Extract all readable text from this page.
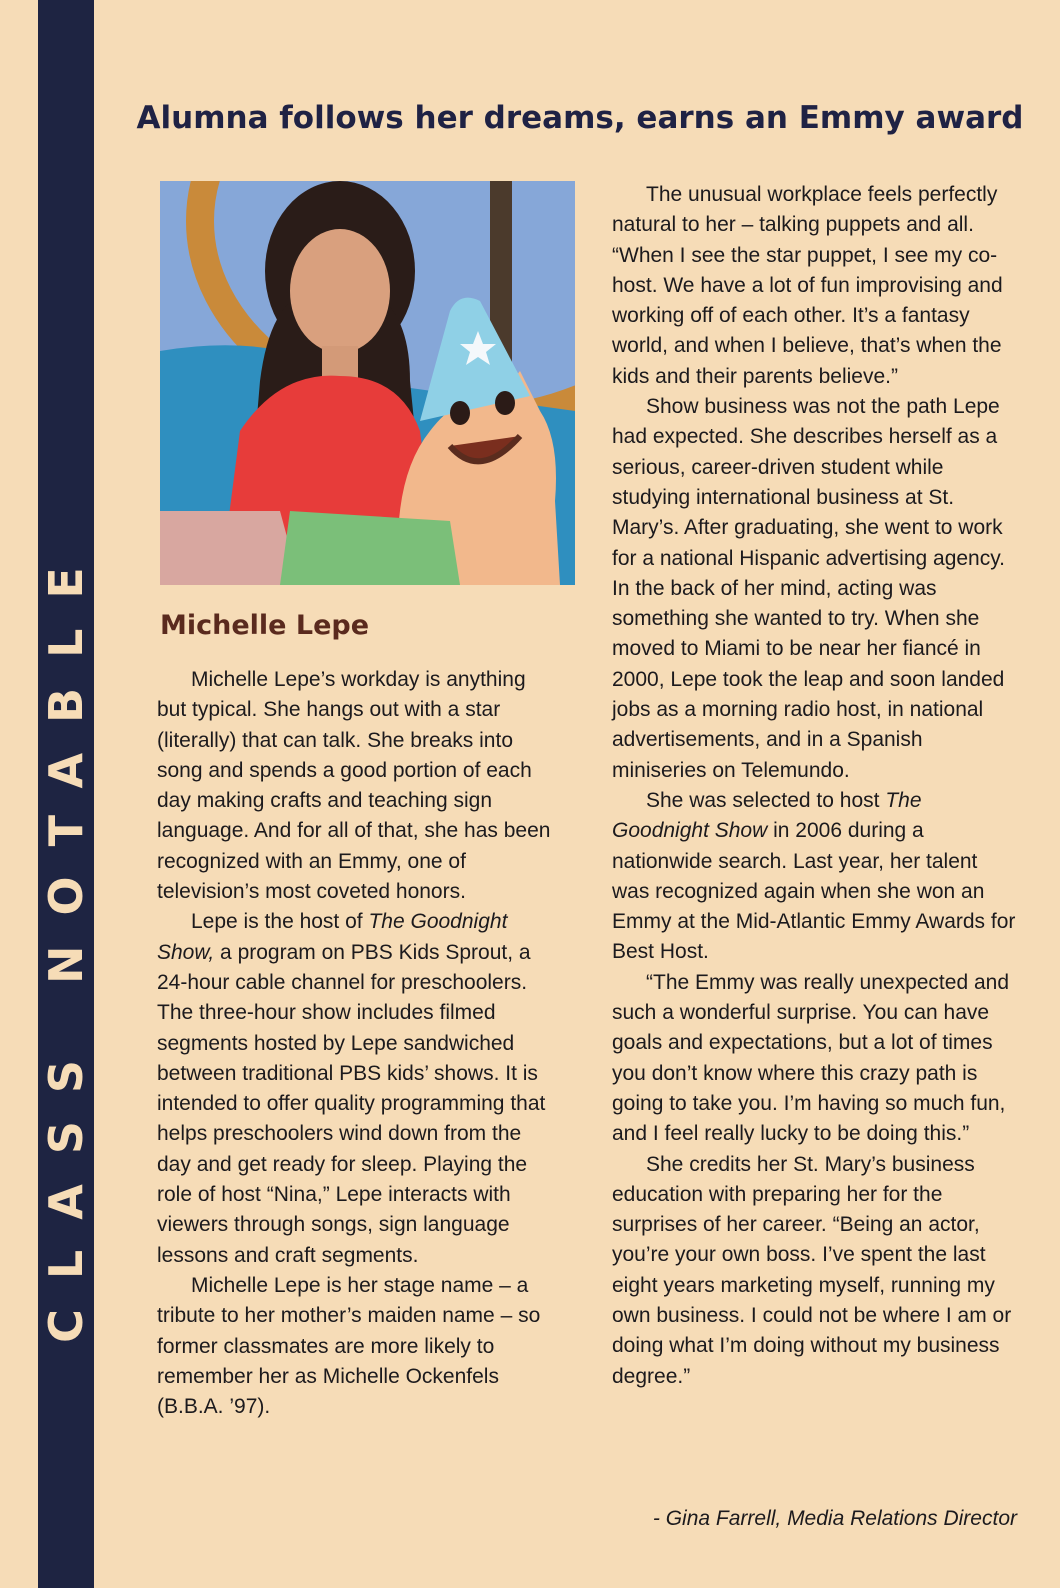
CLASS NOTABLE
Alumna follows her dreams, earns an Emmy award
Michelle Lepe

Michelle Lepe’s workday is anything but typical. She hangs out with a star (literally) that can talk. She breaks into song and spends a good portion of each day making crafts and teaching sign language. And for all of that, she has been recognized with an Emmy, one of television’s most coveted honors.

Lepe is the host of The Goodnight Show, a program on PBS Kids Sprout, a 24-hour cable channel for preschoolers. The three-hour show includes filmed segments hosted by Lepe sandwiched between traditional PBS kids’ shows. It is intended to offer quality programming that helps preschoolers wind down from the day and get ready for sleep. Playing the role of host “Nina,” Lepe interacts with viewers through songs, sign language lessons and craft segments.

Michelle Lepe is her stage name – a tribute to her mother’s maiden name – so former classmates are more likely to remember her as Michelle Ockenfels (B.B.A. ’97).

The unusual workplace feels perfectly natural to her – talking puppets and all. “When I see the star puppet, I see my co-host. We have a lot of fun improvising and working off of each other. It’s a fantasy world, and when I believe, that’s when the kids and their parents believe.”

Show business was not the path Lepe had expected. She describes herself as a serious, career-driven student while studying international business at St. Mary’s. After graduating, she went to work for a national Hispanic advertising agency. In the back of her mind, acting was something she wanted to try. When she moved to Miami to be near her fiancé in 2000, Lepe took the leap and soon landed jobs as a morning radio host, in national advertisements, and in a Spanish miniseries on Telemundo.

She was selected to host The Goodnight Show in 2006 during a nationwide search. Last year, her talent was recognized again when she won an Emmy at the Mid-Atlantic Emmy Awards for Best Host.

“The Emmy was really unexpected and such a wonderful surprise. You can have goals and expectations, but a lot of times you don’t know where this crazy path is going to take you. I’m having so much fun, and I feel really lucky to be doing this.”

She credits her St. Mary’s business education with preparing her for the surprises of her career. “Being an actor, you’re your own boss. I’ve spent the last eight years marketing myself, running my own business. I could not be where I am or doing what I’m doing without my business degree.”

- Gina Farrell, Media Relations Director
